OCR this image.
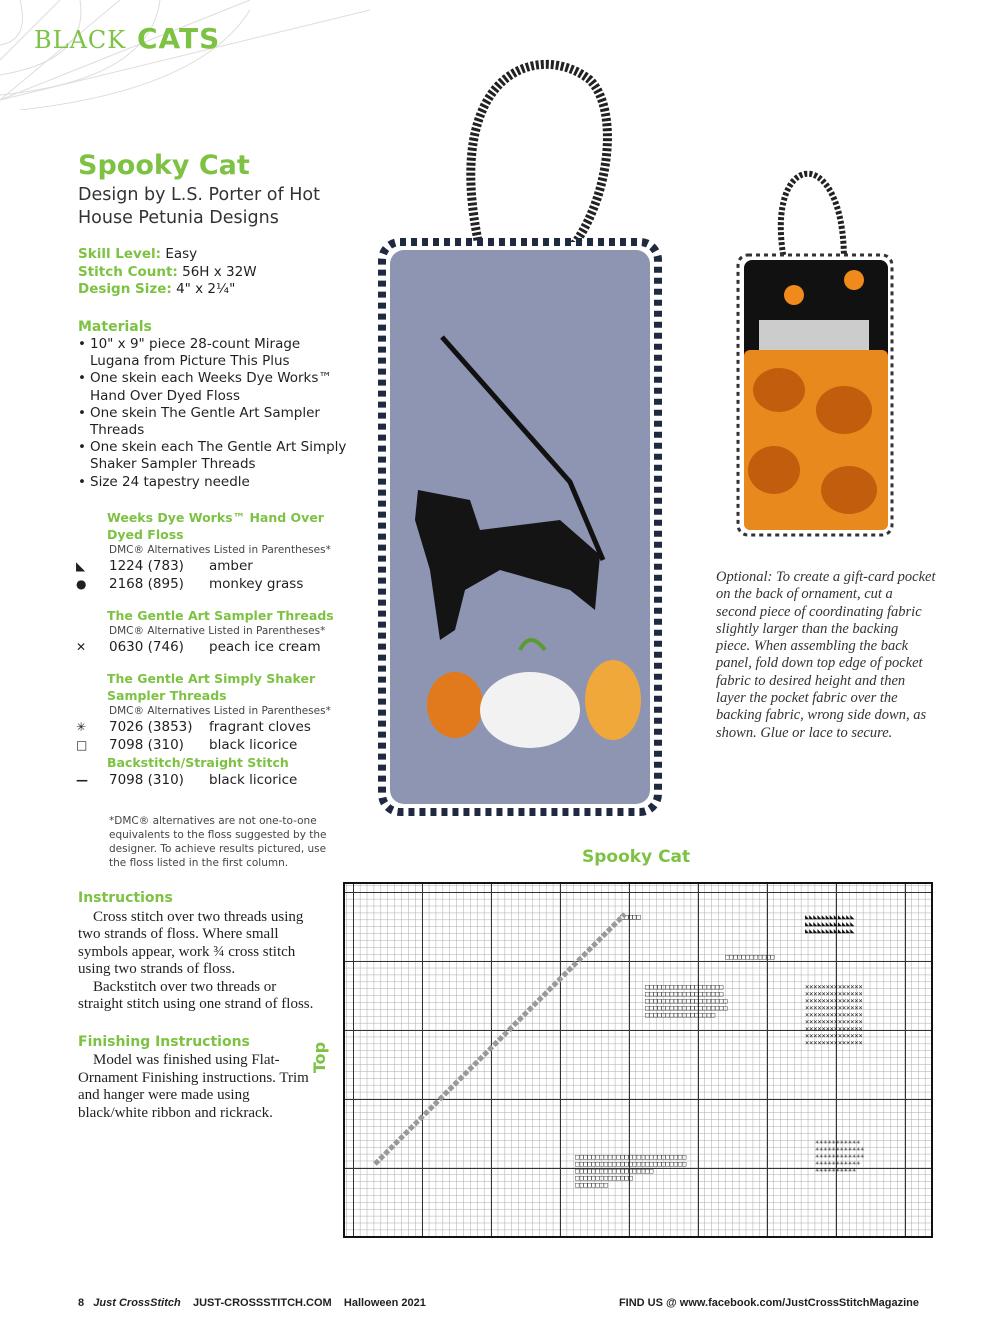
BLACK CATS
Spooky Cat
Design by L.S. Porter of Hot House Petunia Designs
Skill Level: Easy
Stitch Count: 56H x 32W
Design Size: 4" x 2¼"
Materials
• 10" x 9" piece 28-count Mirage Lugana from Picture This Plus
• One skein each Weeks Dye Works™ Hand Over Dyed Floss
• One skein The Gentle Art Sampler Threads
• One skein each The Gentle Art Simply Shaker Sampler Threads
• Size 24 tapestry needle
Weeks Dye Works™ Hand Over Dyed Floss
DMC® Alternatives Listed in Parentheses*
◣	1224 (783)	amber
●	2168 (895)	monkey grass
The Gentle Art Sampler Threads
DMC® Alternative Listed in Parentheses*
✕	0630 (746)	peach ice cream
The Gentle Art Simply Shaker Sampler Threads
DMC® Alternatives Listed in Parentheses*
✳	7026 (3853)	fragrant cloves
□	7098 (310)	black licorice
Backstitch/Straight Stitch
—	7098 (310)	black licorice
*DMC® alternatives are not one-to-one equivalents to the floss suggested by the designer. To achieve results pictured, use the floss listed in the first column.
Instructions

Cross stitch over two threads using two strands of floss. Where small symbols appear, work ¾ cross stitch using two strands of floss.

Backstitch over two threads or straight stitch using one strand of floss.

Finishing Instructions

Model was finished using Flat-Ornament Finishing instructions. Trim and hanger were made using black/white ribbon and rickrack.

Optional: To create a gift-card pocket on the back of ornament, cut a second piece of coordinating fabric slightly larger than the backing piece. When assembling the back panel, fold down top edge of pocket fabric to desired height and then layer the pocket fabric over the backing fabric, wrong side down, as shown. Glue or lace to secure.
Spooky Cat
Top
□□□□□
□□□□□□□□□□□□
□□□□□□□□□□□□□□□□□□□
□□□□□□□□□□□□□□□□□□□
□□□□□□□□□□□□□□□□□□□□
□□□□□□□□□□□□□□□□□□□□
□□□□□□□□□□□□□□□□□
□□□□□□□□□□□□□□□□□□□□□□□□□□□
□□□□□□□□□□□□□□□□□□□□□□□□□□□
□□□□□□□□□□□□□□□□□□□
□□□□□□□□□□□□□□
□□□□□□□□
××××××××××××××
××××××××××××××
××××××××××××××
××××××××××××××
××××××××××××××
××××××××××××××
××××××××××××××
××××××××××××××
××××××××××××××
✳✳✳✳✳✳✳✳✳✳✳
✳✳✳✳✳✳✳✳✳✳✳✳
✳✳✳✳✳✳✳✳✳✳✳✳
✳✳✳✳✳✳✳✳✳✳✳
✳✳✳✳✳✳✳✳✳✳
◣◣◣◣◣◣◣◣◣◣◣◣
◣◣◣◣◣◣◣◣◣◣◣◣
◣◣◣◣◣◣◣◣◣◣◣◣
8 Just CrossStitch JUST-CROSSSTITCH.COM Halloween 2021	FIND US @ www.facebook.com/JustCrossStitchMagazine
